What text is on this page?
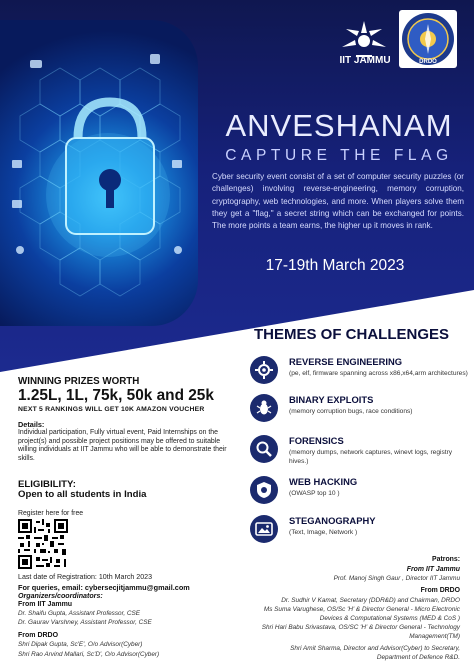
IIT JAMMU	DRDO
ANVESHANAM
CAPTURE THE FLAG
Cyber security event consist of a set of computer security puzzles (or challenges) involving reverse-engineering, memory corruption, cryptography, web technologies, and more. When players solve them they get a "flag," a secret string which can be exchanged for points. The more points a team earns, the higher up it moves in rank.
17-19th March 2023
THEMES OF CHALLENGES
REVERSE ENGINEERING
(pe, elf, firmware spanning across x86,x64,arm architectures)
BINARY EXPLOITS
(memory corruption bugs, race conditions)
FORENSICS
(memory dumps, network captures, winevt logs, registry hives.)
WEB HACKING
(OWASP top 10 )
STEGANOGRAPHY
(Text, Image, Network )
WINNING PRIZES WORTH
1.25L, 1L, 75k, 50k and 25k
NEXT 5 RANKINGS WILL GET 10K AMAZON VOUCHER
Details:
Individual participation, Fully virtual event, Paid Internships on the project(s) and possible project positions may be offered to suitable willing individuals at IIT Jammu who will be able to demonstrate their skills.
ELIGIBILITY:
Open to all students in India
Register here for free
Last date of Registration: 10th March 2023
For queries, email: cybersecjitjammu@gmail.com
Organizers/coordinators:
From IIT Jammu
Dr. Shaifu Gupta, Assistant Professor, CSE
Dr. Gaurav Varshney, Assistant Professor, CSE
From DRDO
Shri Dipak Gupta, Sc'E', O/o Advisor(Cyber)
Shri Rao Arvind Mallari, Sc'D', O/o Advisor(Cyber)
Patrons:
From IIT Jammu
Prof. Manoj Singh Gaur , Director IIT Jammu
From DRDO
Dr. Sudhir V Kamat, Secretary (DDR&D) and Chairman, DRDO
Ms Suma Varughese, OS/Sc 'H' & Director General - Micro Electronic
Devices & Computational Systems (MED & CoS )
Shri Hari Babu Srivastava, OS/SC 'H' & Director General - Technology
Management(TM)
Shri Amit Sharma, Director and Advisor(Cyber) to Secretary,
Department of Defence R&D.
